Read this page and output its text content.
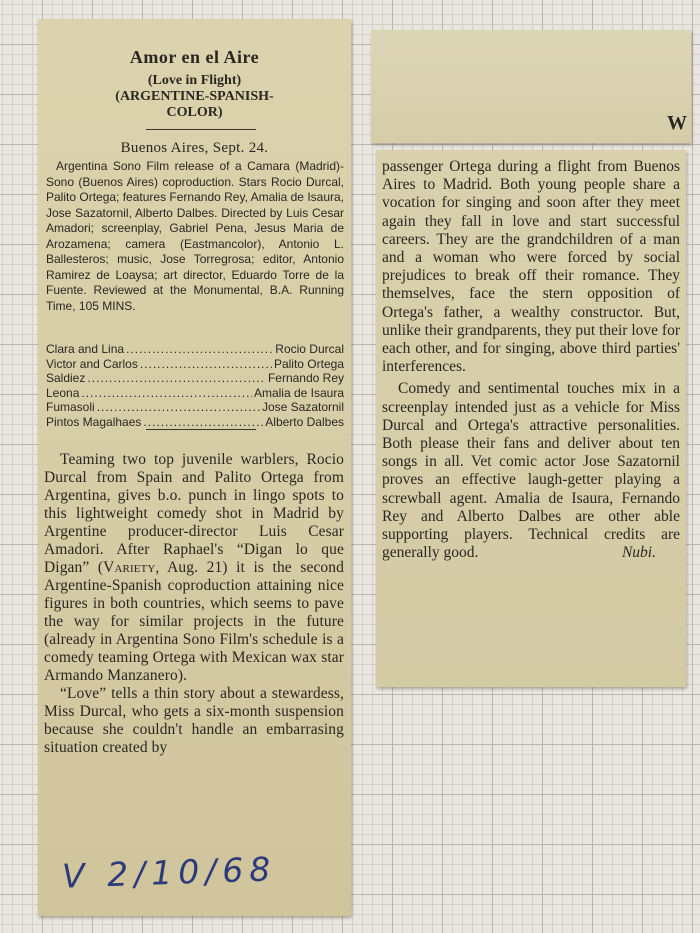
Amor en el Aire
(Love in Flight)
(ARGENTINE-SPANISH-
COLOR)
Buenos Aires, Sept. 24.
Argentina Sono Film release of a Camara (Madrid)-Sono (Buenos Aires) coproduction. Stars Rocio Durcal, Palito Ortega; features Fernando Rey, Amalia de Isaura, Jose Sazatornil, Alberto Dalbes. Directed by Luis Cesar Amadori; screenplay, Gabriel Pena, Jesus Maria de Arozamena; camera (Eastmancolor), Antonio L. Ballesteros; music, Jose Torregrosa; editor, Antonio Ramirez de Loaysa; art director, Eduardo Torre de la Fuente. Reviewed at the Monumental, B.A. Running Time, 105 MINS.
Clara and Lina .....	Rocio Durcal
Victor and Carlos .....	Palito Ortega
Saldiez .....	Fernando Rey
Leona .....	Amalia de Isaura
Fumasoli .....	Jose Sazatornil
Pintos Magalhaes .....	Alberto Dalbes

Teaming two top juvenile warblers, Rocio Durcal from Spain and Palito Ortega from Argentina, gives b.o. punch in lingo spots to this lightweight comedy shot in Madrid by Argentine producer-director Luis Cesar Amadori. After Raphael's “Digan lo que Digan” (Variety, Aug. 21) it is the second Argentine-Spanish coproduction attaining nice figures in both countries, which seems to pave the way for similar projects in the future (already in Argentina Sono Film's schedule is a comedy teaming Ortega with Mexican wax star Armando Manzanero).

“Love” tells a thin story about a stewardess, Miss Durcal, who gets a six-month suspension because she couldn't handle an embarrasing situation created by

V 2/10/68
W

passenger Ortega during a flight from Buenos Aires to Madrid. Both young people share a vocation for singing and soon after they meet again they fall in love and start successful careers. They are the grandchildren of a man and a woman who were forced by social prejudices to break off their romance. They themselves, face the stern opposition of Ortega's father, a wealthy constructor. But, unlike their grandparents, they put their love for each other, and for singing, above third parties' interferences.

Comedy and sentimental touches mix in a screenplay intended just as a vehicle for Miss Durcal and Ortega's attractive personalities. Both please their fans and deliver about ten songs in all. Vet comic actor Jose Sazatornil proves an effective laugh-getter playing a screwball agent. Amalia de Isaura, Fernando Rey and Alberto Dalbes are other able supporting players. Technical credits are generally good.	Nubi.
